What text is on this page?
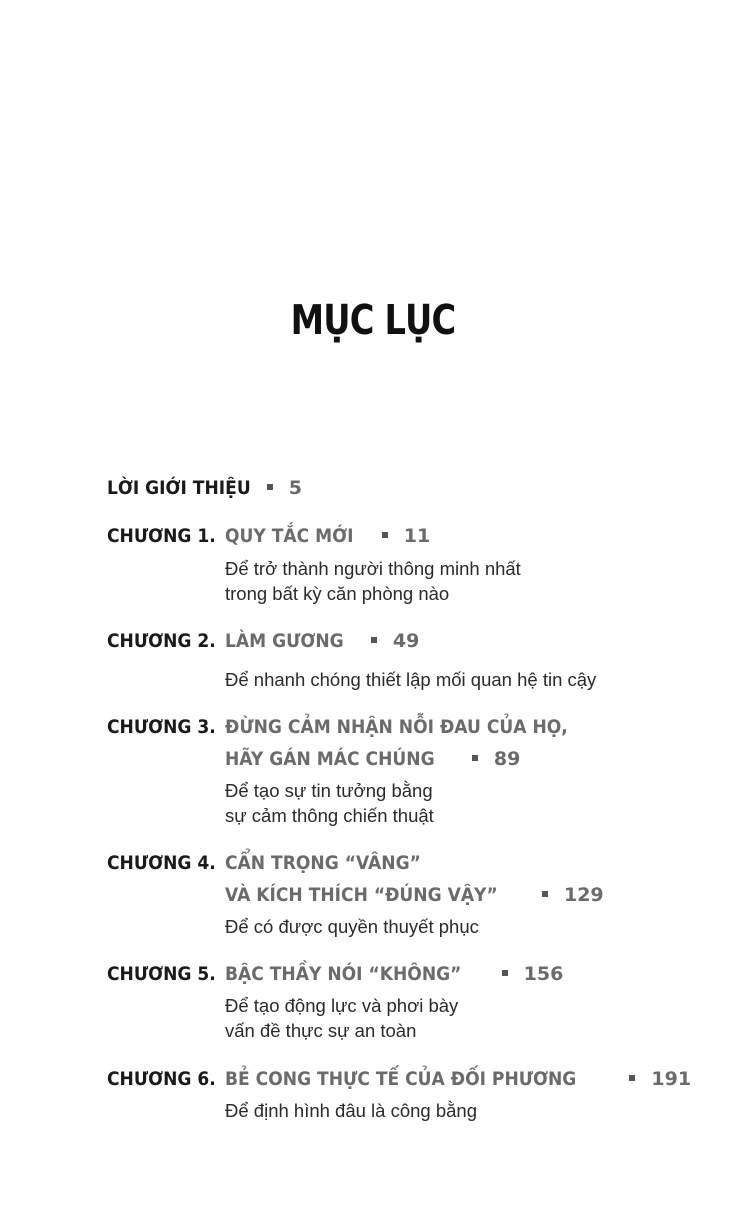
MỤC LỤC
LỜI GIỚI THIỆU 5
CHƯƠNG 1. QUY TẮC MỚI	11
Để trở thành người thông minh nhất
trong bất kỳ căn phòng nào
CHƯƠNG 2. LÀM GƯƠNG	49
Để nhanh chóng thiết lập mối quan hệ tin cậy
CHƯƠNG 3. ĐỪNG CẢM NHẬN NỖI ĐAU CỦA HỌ,
HÃY GÁN MÁC CHÚNG	89
Để tạo sự tin tưởng bằng
sự cảm thông chiến thuật
CHƯƠNG 4. CẨN TRỌNG “VÂNG”
VÀ KÍCH THÍCH “ĐÚNG VẬY”	129
Để có được quyền thuyết phục
CHƯƠNG 5. BẬC THẦY NÓI “KHÔNG”	156
Để tạo động lực và phơi bày
vấn đề thực sự an toàn
CHƯƠNG 6. BẺ CONG THỰC TẾ CỦA ĐỐI PHƯƠNG	191
Để định hình đâu là công bằng
